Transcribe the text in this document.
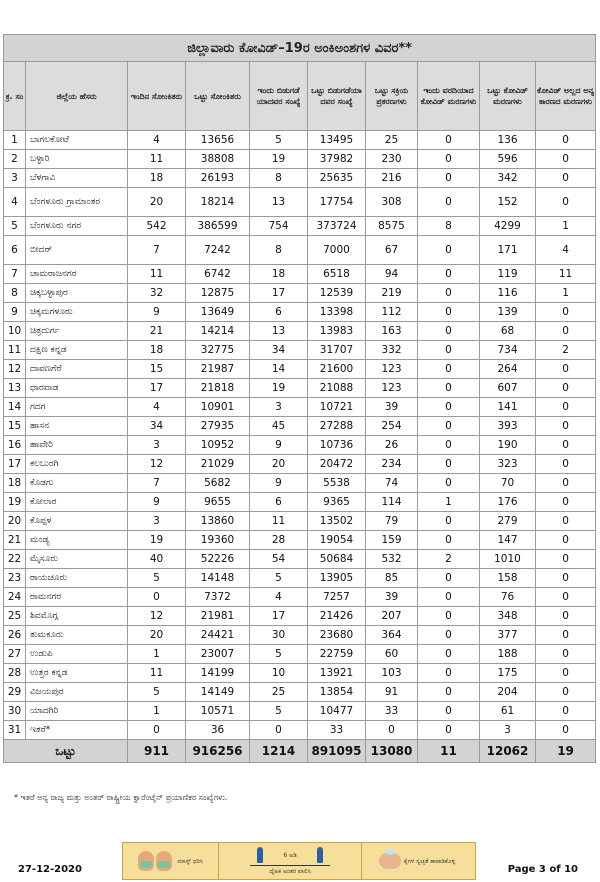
ಜಿಲ್ಲಾವಾರು ಕೋವಿಡ್–19ರ ಅಂಕಿಅಂಶಗಳ ವಿವರ**									
ಕ್ರ. ಸಂ	ಜಿಲ್ಲೆಯ ಹೆಸರು	ಇಂದಿನ ಸೋಂಕಿತರು	ಒಟ್ಟು ಸೋಂಕಿತರು	ಇಂದು ಬಿಡುಗಡೆ ಯಾದವರ ಸಂಖ್ಯೆ	ಒಟ್ಟು ಬಿಡುಗಡೆಯಾ ದವರ ಸಂಖ್ಯೆ	ಒಟ್ಟು ಸಕ್ರಿಯ ಪ್ರಕರಣಗಳು	ಇಂದು ವರದಿಯಾದ ಕೋವಿಡ್ ಮರಣಗಳು	ಒಟ್ಟು ಕೋವಿಡ್ ಮರಣಗಳು	ಕೋವಿಡ್ ಅಲ್ಲದ ಅನ್ಯ ಕಾರಣದ ಮರಣಗಳು
1	ಬಾಗಲಕೋಟೆ	4	13656	5	13495	25	0	136	0
2	ಬಳ್ಳಾರಿ	11	38808	19	37982	230	0	596	0
3	ಬೆಳಗಾವಿ	18	26193	8	25635	216	0	342	0
4	ಬೆಂಗಳೂರು ಗ್ರಾಮಾಂತರ	20	18214	13	17754	308	0	152	0
5	ಬೆಂಗಳೂರು ನಗರ	542	386599	754	373724	8575	8	4299	1
6	ಬೀದರ್	7	7242	8	7000	67	0	171	4
7	ಚಾಮರಾಜನಗರ	11	6742	18	6518	94	0	119	11
8	ಚಿಕ್ಕಬಳ್ಳಾಪುರ	32	12875	17	12539	219	0	116	1
9	ಚಿಕ್ಕಮಗಳೂರು	9	13649	6	13398	112	0	139	0
10	ಚಿತ್ರದುರ್ಗ	21	14214	13	13983	163	0	68	0
11	ದಕ್ಷಿಣ ಕನ್ನಡ	18	32775	34	31707	332	0	734	2
12	ದಾವಣಗೆರೆ	15	21987	14	21600	123	0	264	0
13	ಧಾರವಾಡ	17	21818	19	21088	123	0	607	0
14	ಗದಗ	4	10901	3	10721	39	0	141	0
15	ಹಾಸನ	34	27935	45	27288	254	0	393	0
16	ಹಾವೇರಿ	3	10952	9	10736	26	0	190	0
17	ಕಲಬುರಗಿ	12	21029	20	20472	234	0	323	0
18	ಕೊಡಗು	7	5682	9	5538	74	0	70	0
19	ಕೋಲಾರ	9	9655	6	9365	114	1	176	0
20	ಕೊಪ್ಪಳ	3	13860	11	13502	79	0	279	0
21	ಮಂಡ್ಯ	19	19360	28	19054	159	0	147	0
22	ಮೈಸೂರು	40	52226	54	50684	532	2	1010	0
23	ರಾಯಚೂರು	5	14148	5	13905	85	0	158	0
24	ರಾಮನಗರ	0	7372	4	7257	39	0	76	0
25	ಶಿವಮೊಗ್ಗ	12	21981	17	21426	207	0	348	0
26	ತುಮಕೂರು	20	24421	30	23680	364	0	377	0
27	ಉಡುಪಿ	1	23007	5	22759	60	0	188	0
28	ಉತ್ತರ ಕನ್ನಡ	11	14199	10	13921	103	0	175	0
29	ವಿಜಯಪುರ	5	14149	25	13854	91	0	204	0
30	ಯಾದಗಿರಿ	1	10571	5	10477	33	0	61	0
31	ಇತರೆ*	0	36	0	33	0	0	3	0
ಒಟ್ಟು		911	916256	1214	891095	13080	11	12062	19
* ಇತರೆ ಅನ್ಯ ರಾಜ್ಯ ಮತ್ತು ಅಂತರ್ ರಾಷ್ಟ್ರೀಯ ಕ್ವಾರೆಂಟೈನ್ ಪ್ರಯಾಣಿಕರ ಸಂಖ್ಯೆಗಳು.
ಮಾಸ್ಕ್ ಧರಿಸಿ
6 ಅಡಿ
ದೈಹಿಕ ಅಂತರ ಪಾಲಿಸಿ
ಕೈಗಳ ಸ್ವಚ್ಛತೆ ಕಾಪಾಡಿಕೊಳ್ಳಿ
27-12-2020	Page 3 of 10
